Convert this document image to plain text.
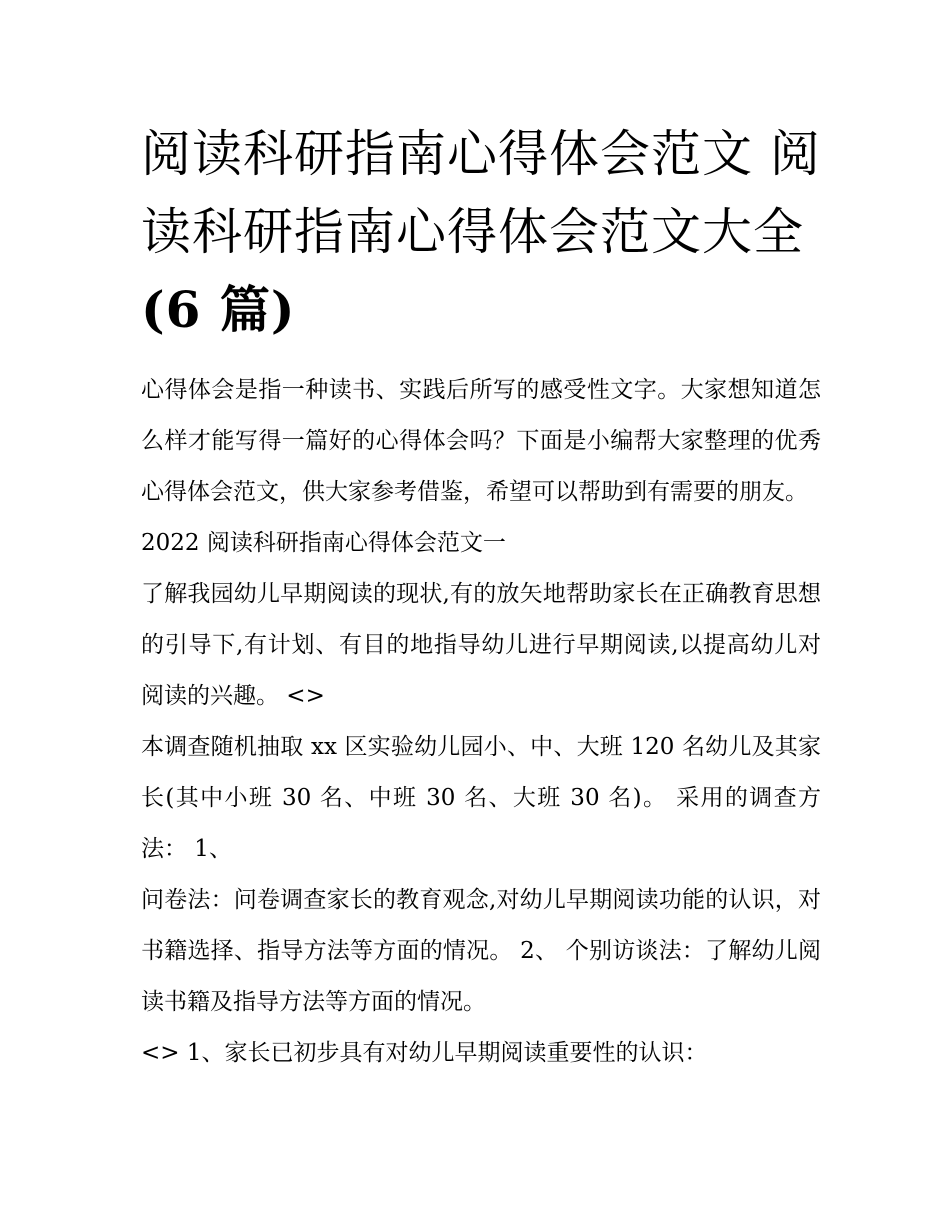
阅读科研指南心得体会范文 阅读科研指南心得体会范文大全
(6 篇)

心得体会是指一种读书、实践后所写的感受性文字。大家想知道怎么样才能写得一篇好的心得体会吗？下面是小编帮大家整理的优秀心得体会范文，供大家参考借鉴，希望可以帮助到有需要的朋友。

2022 阅读科研指南心得体会范文一

了解我园幼儿早期阅读的现状,有的放矢地帮助家长在正确教育思想的引导下,有计划、有目的地指导幼儿进行早期阅读,以提高幼儿对阅读的兴趣。 <>

本调查随机抽取 xx 区实验幼儿园小、中、大班 120 名幼儿及其家长(其中小班 30 名、中班 30 名、大班 30 名)。 采用的调查方法： 1、

问卷法：问卷调查家长的教育观念,对幼儿早期阅读功能的认识，对书籍选择、指导方法等方面的情况。 2、 个别访谈法：了解幼儿阅读书籍及指导方法等方面的情况。

<> 1、家长已初步具有对幼儿早期阅读重要性的认识：
